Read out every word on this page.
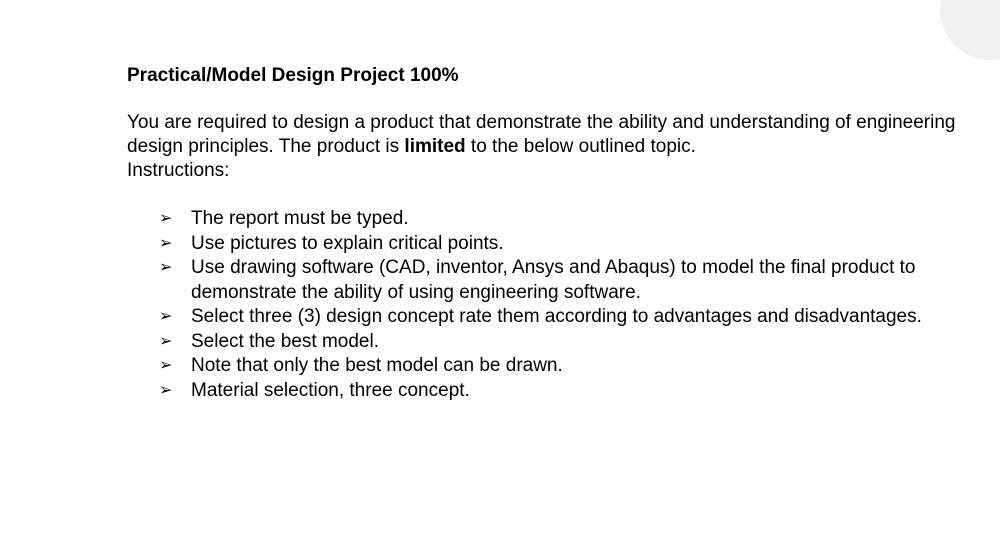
Practical/Model Design Project 100%

You are required to design a product that demonstrate the ability and understanding of engineering design principles. The product is limited to the below outlined topic.
Instructions:

➢ The report must be typed.
➢ Use pictures to explain critical points.
➢ Use drawing software (CAD, inventor, Ansys and Abaqus) to model the final product to demonstrate the ability of using engineering software.
➢ Select three (3) design concept rate them according to advantages and disadvantages.
➢ Select the best model.
➢ Note that only the best model can be drawn.
➢ Material selection, three concept.
